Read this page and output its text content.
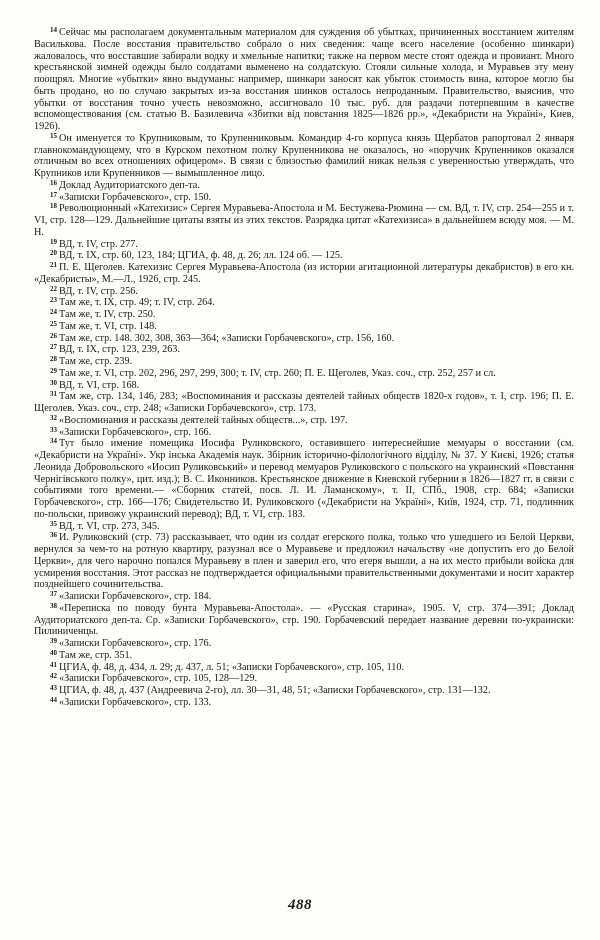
$^{14}$ Сейчас мы располагаем документальным материалом для суждения об убытках, причиненных восстанием жителям Василькова. После восстания правительство собрало о них сведения: чаще всего население (особенно шинкари) жаловалось, что восставшие забирали водку и хмельные напитки; также на первом месте стоят одежда и провиант. Много крестьянской зимней одежды было солдатами выменено на солдатскую. Стояли сильные холода, и Муравьев эту мену поощрял. Многие «убытки» явно выдуманы: например, шинкари заносят как убыток стоимость вина, которое могло бы быть продано, но по случаю закрытых из-за восстания шинков осталось непроданным. Правительство, выяснив, что убытки от восстания точно учесть невозможно, ассигновало 10 тыс. руб. для раздачи потерпевшим в качестве вспомоществования (см. статью В. Базилевича «Збитки від повстання 1825—1826 рр.», «Декабристи на Україні», Киев, 1926).

$^{15}$ Он именуется то Крупниковым, то Крупенниковым. Командир 4-го корпуса князь Щербатов рапортовал 2 января главнокомандующему, что в Курском пехотном полку Крупенникова не оказалось, но «поручик Крупенников оказался отличным во всех отношениях офицером». В связи с близостью фамилий никак нельзя с уверенностью утверждать, что Крупников или Крупенников — вымышленное лицо.

$^{16}$ Доклад Аудиториатского деп-та.

$^{17}$ «Записки Горбачевского», стр. 150.

$^{18}$ Революционный «Катехизис» Сергея Муравьева-Апостола и М. Бестужева-Рюмина — см. ВД, т. IV, стр. 254—255 и т. VI, стр. 128—129. Дальнейшие цитаты взяты из этих текстов. Разрядка цитат «Катехизиса» в дальнейшем всюду моя. — М. Н.

$^{19}$ ВД, т. IV, стр. 277.

$^{20}$ ВД, т. IX, стр. 60, 123, 184; ЦГИА, ф. 48, д. 26; лл. 124 об. — 125.

$^{21}$ П. Е. Щеголев. Катехизис Сергея Муравьева-Апостола (из истории агитационной литературы декабристов) в его кн. «Декабристы», М.—Л., 1926, стр. 245.

$^{22}$ ВД, т. IV, стр. 256.

$^{23}$ Там же, т. IX, стр. 49; т. IV, стр. 264.

$^{24}$ Там же, т. IV, стр. 250.

$^{25}$ Там же, т. VI, стр. 148.

$^{26}$ Там же, стр. 148. 302, 308, 363—364; «Записки Горбачевского», стр. 156, 160.

$^{27}$ ВД, т. IX, стр. 123, 239, 263.

$^{28}$ Там же, стр. 239.

$^{29}$ Там же, т. VI, стр. 202, 296, 297, 299, 300; т. IV, стр. 260; П. Е. Щеголев, Указ. соч., стр. 252, 257 и сл.

$^{30}$ ВД, т. VI, стр. 168.

$^{31}$ Там же, стр. 134, 146, 283; «Воспоминания и рассказы деятелей тайных обществ 1820-х годов», т. I, стр. 196; П. Е. Щеголев. Указ. соч., стр. 248; «Записки Горбачевского», стр. 173.

$^{32}$ «Воспоминания и рассказы деятелей тайных обществ...», стр. 197.

$^{33}$ «Записки Горбачевского», стр. 166.

$^{34}$ Тут было имение помещика Иосифа Руликовского, оставившего интереснейшие мемуары о восстании (см. «Декабристи на Україні». Укр інська Академія наук. Збірник історично-філологічного відділу, № 37. У Києві, 1926; статья Леонида Добровольского «Иосип Руликовський» и перевод мемуаров Руликовского с польского на украинский «Повстання Чернігівського полку», цит. изд.); В. С. Иконников. Крестьянское движение в Киевской губернии в 1826—1827 гг. в связи с событиями того времени.— «Сборник статей, посв. Л. И. Ламанскому», т. II, СПб., 1908, стр. 684; «Записки Горбачевского», стр. 166—176; Свидетельство И. Руликовского («Декабристи на Україні», Київ, 1924, стр. 71, подлинник по-польски, привожу украинский перевод); ВД, т. VI, стр. 183.

$^{35}$ ВД, т. VI, стр. 273, 345.

$^{36}$ И. Руликовский (стр. 73) рассказывает, что один из солдат егерского полка, только что ушедшего из Белой Церкви, вернулся за чем-то на ротную квартиру, разузнал все о Муравьеве и предложил начальству «не допустить его до Белой Церкви», для чего нарочно попался Муравьеву в плен и заверил его, что егеря вышли, а на их место прибыли войска для усмирения восстания. Этот рассказ не подтверждается официальными правительственными документами и носит характер позднейшего сочинительства.

$^{37}$ «Записки Горбачевского», стр. 184.

$^{38}$ «Переписка по поводу бунта Муравьева-Апостола». — «Русская старина», 1905. V, стр. 374—391; Доклад Аудиториатского деп-та. Ср. «Записки Горбачевского», стр. 190. Горбачевский передает название деревни по-украински: Пилиниченцы.

$^{39}$ «Записки Горбачевского», стр. 176.

$^{40}$ Там же, стр. 351.

$^{41}$ ЦГИА, ф. 48, д. 434, л. 29; д. 437, л. 51; «Записки Горбачевского», стр. 105, 110.

$^{42}$ «Записки Горбачевского», стр. 105, 128—129.

$^{43}$ ЦГИА, ф. 48, д. 437 (Андреевича 2-го), лл. 30—31, 48, 51; «Записки Горбачевского», стр. 131—132.

$^{44}$ «Записки Горбачевского», стр. 133.

488
